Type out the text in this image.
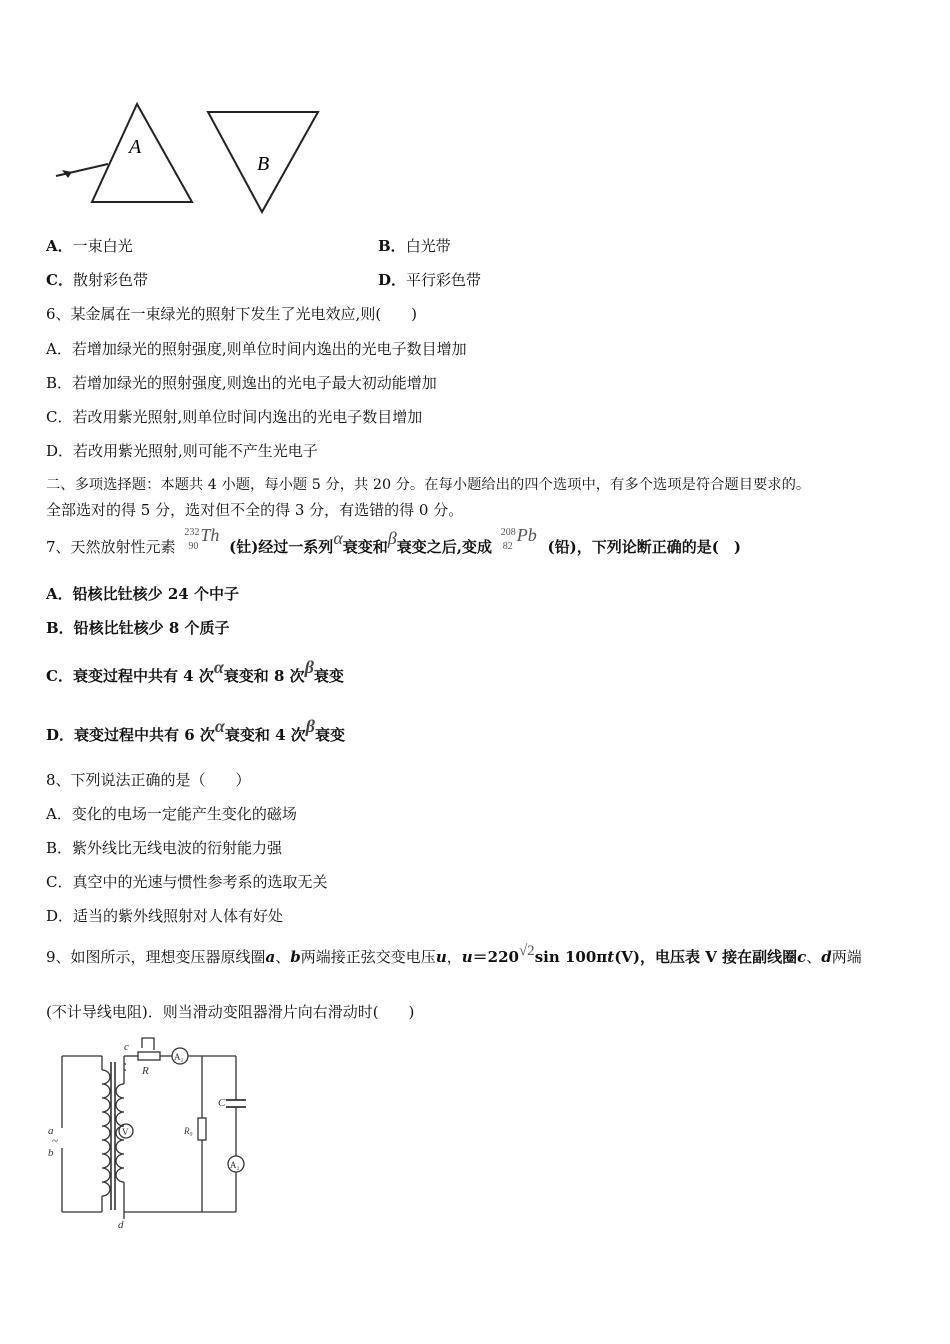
A
B
A．一束白光	B．白光带
C．散射彩色带	D．平行彩色带
6、某金属在一束绿光的照射下发生了光电效应,则(　　)
A．若增加绿光的照射强度,则单位时间内逸出的光电子数目增加
B．若增加绿光的照射强度,则逸出的光电子最大初动能增加
C．若改用紫光照射,则单位时间内逸出的光电子数目增加
D．若改用紫光照射,则可能不产生光电子
二、多项选择题：本题共 4 小题，每小题 5 分，共 20 分。在每小题给出的四个选项中，有多个选项是符合题目要求的。
全部选对的得 5 分，选对但不全的得 3 分，有选错的得 0 分。
7、天然放射性元素
232
90
Th
(钍)经过一系列α衰变和β衰变之后,变成
208
82
Pb
(铅)，下列论断正确的是(　)
A．铅核比钍核少 24 个中子
B．铅核比钍核少 8 个质子
C．衰变过程中共有 4 次α衰变和 8 次β衰变
D．衰变过程中共有 6 次α衰变和 4 次β衰变
8、下列说法正确的是（　　）
A．变化的电场一定能产生变化的磁场
B．紫外线比无线电波的衍射能力强
C．真空中的光速与惯性参考系的选取无关
D．适当的紫外线照射对人体有好处
9、如图所示，理想变压器原线圈a、b两端接正弦交变电压u，u＝220√2sin 100πt(V)，电压表 V 接在副线圈c、d两端
(不计导线电阻)．则当滑动变阻器滑片向右滑动时(　　)
c
d
a
~
b
R
R₀
C
V
A₁
A₂
